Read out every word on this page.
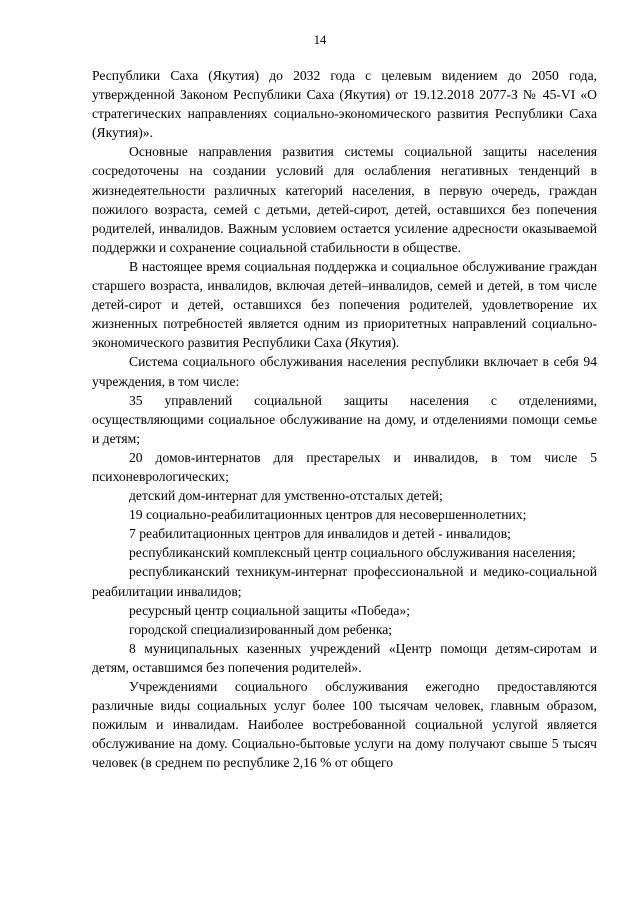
14

Республики Саха (Якутия) до 2032 года с целевым видением до 2050 года, утвержденной Законом Республики Саха (Якутия) от 19.12.2018 2077-З № 45-VI «О стратегических направлениях социально-экономического развития Республики Саха (Якутия)».

Основные направления развития системы социальной защиты населения сосредоточены на создании условий для ослабления негативных тенденций в жизнедеятельности различных категорий населения, в первую очередь, граждан пожилого возраста, семей с детьми, детей-сирот, детей, оставшихся без попечения родителей, инвалидов. Важным условием остается усиление адресности оказываемой поддержки и сохранение социальной стабильности в обществе.

В настоящее время социальная поддержка и социальное обслуживание граждан старшего возраста, инвалидов, включая детей–инвалидов, семей и детей, в том числе детей-сирот и детей, оставшихся без попечения родителей, удовлетворение их жизненных потребностей является одним из приоритетных направлений социально-экономического развития Республики Саха (Якутия).

Система социального обслуживания населения республики включает в себя 94 учреждения, в том числе:

35 управлений социальной защиты населения с отделениями, осуществляющими социальное обслуживание на дому, и отделениями помощи семье и детям;

20 домов-интернатов для престарелых и инвалидов, в том числе 5 психоневрологических;

детский дом-интернат для умственно-отсталых детей;

19 социально-реабилитационных центров для несовершеннолетних;

7 реабилитационных центров для инвалидов и детей - инвалидов;

республиканский комплексный центр социального обслуживания населения;

республиканский техникум-интернат профессиональной и медико-социальной реабилитации инвалидов;

ресурсный центр социальной защиты «Победа»;

городской специализированный дом ребенка;

8 муниципальных казенных учреждений «Центр помощи детям-сиротам и детям, оставшимся без попечения родителей».

Учреждениями социального обслуживания ежегодно предоставляются различные виды социальных услуг более 100 тысячам человек, главным образом, пожилым и инвалидам. Наиболее востребованной социальной услугой является обслуживание на дому. Социально-бытовые услуги на дому получают свыше 5 тысяч человек (в среднем по республике 2,16 % от общего
